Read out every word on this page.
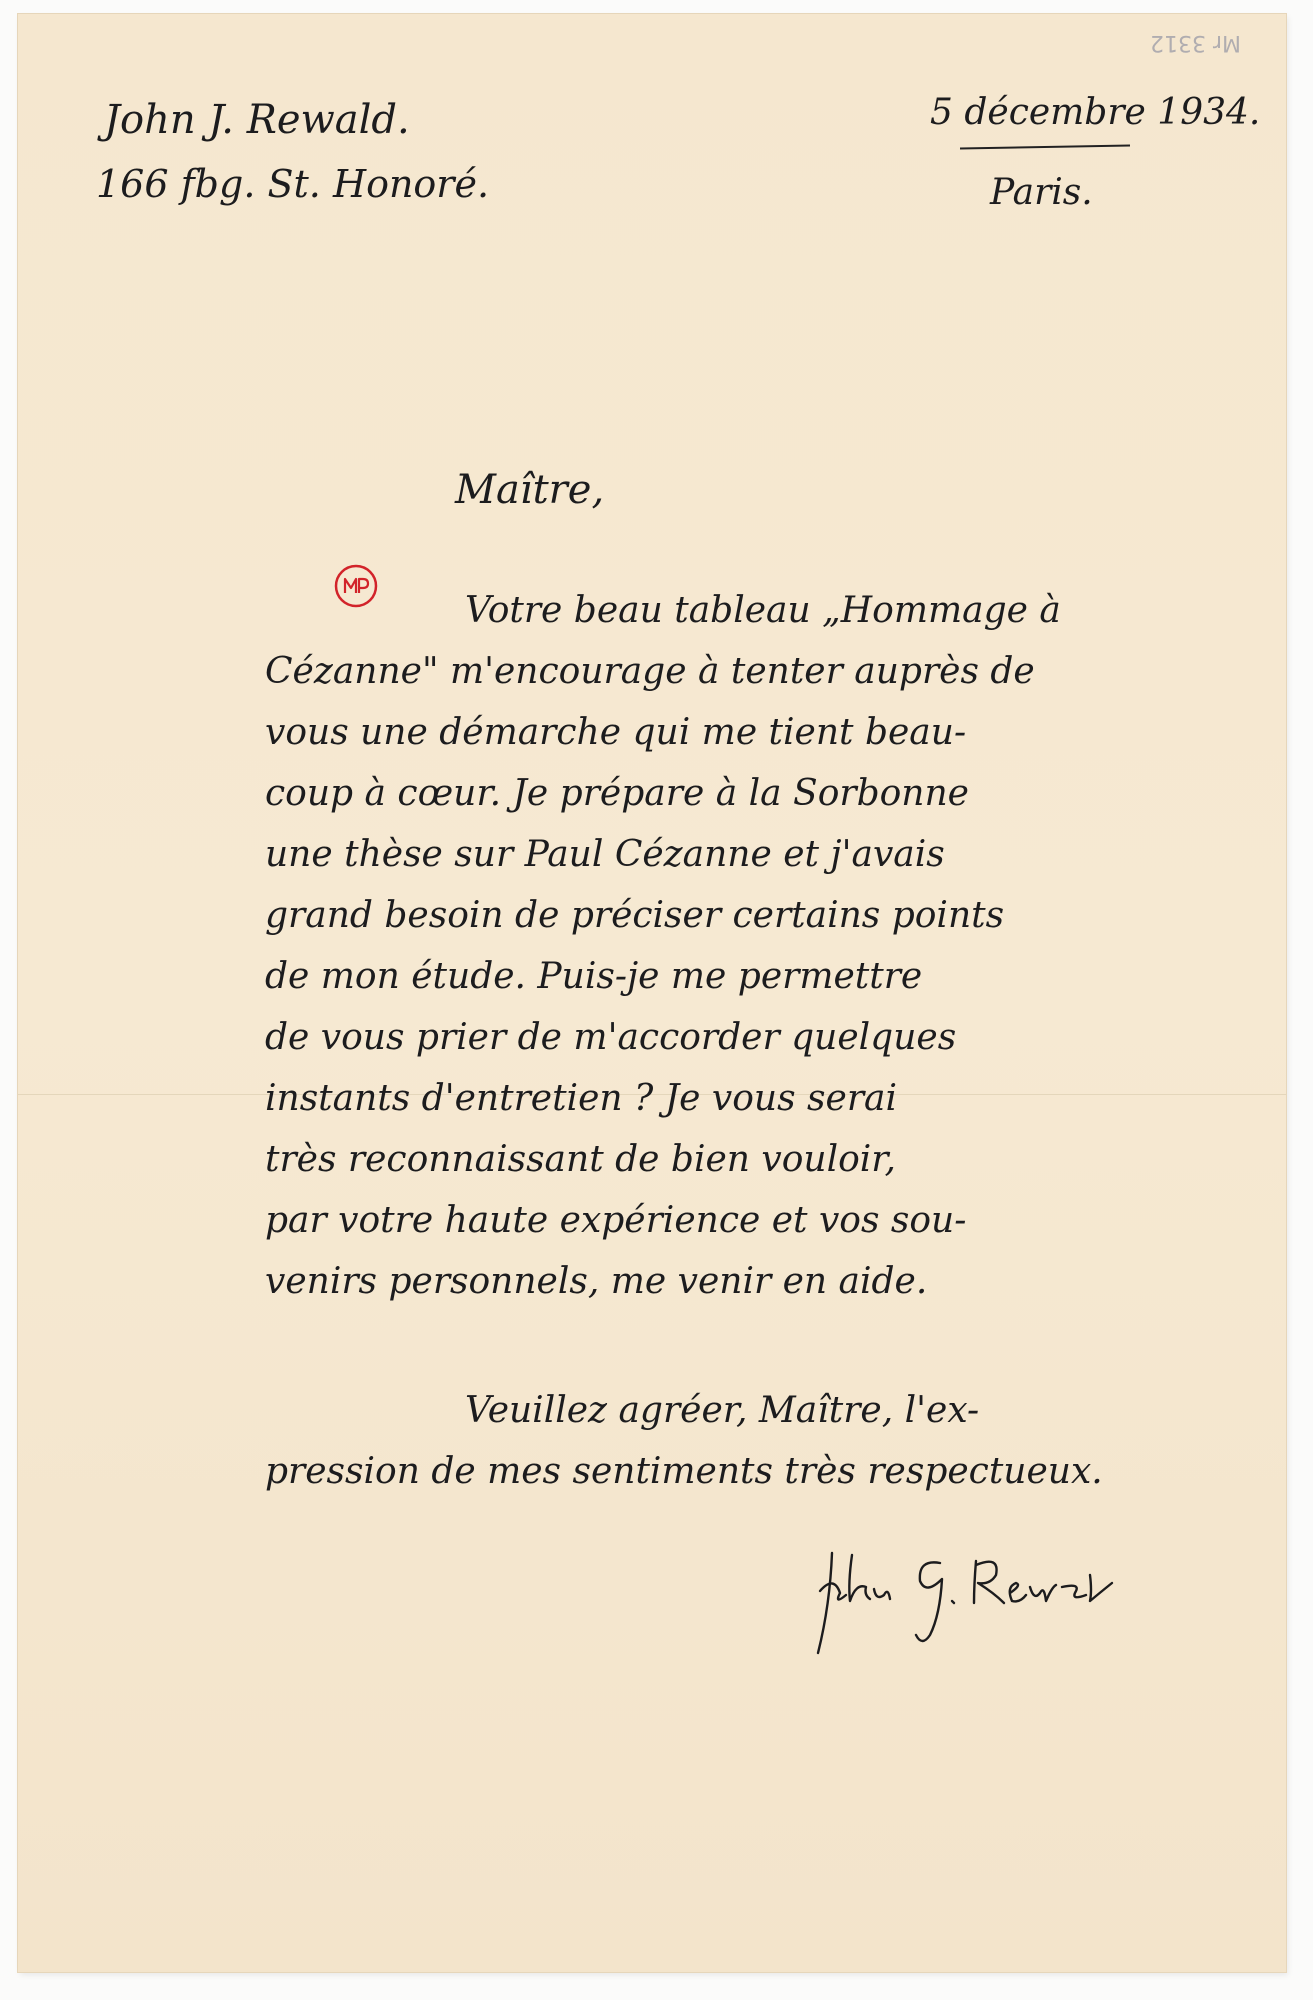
Mr 3312
John J. Rewald.
166 fbg. St. Honoré.
5 décembre 1934.
Paris.
Maître,
Votre beau tableau „Hommage à
Cézanne" m'encourage à tenter auprès de
vous une démarche qui me tient beau-
coup à cœur. Je prépare à la Sorbonne
une thèse sur Paul Cézanne et j'avais
grand besoin de préciser certains points
de mon étude. Puis-je me permettre
de vous prier de m'accorder quelques
instants d'entretien ? Je vous serai
très reconnaissant de bien vouloir,
par votre haute expérience et vos sou-
venirs personnels, me venir en aide.
Veuillez agréer, Maître, l'ex-
pression de mes sentiments très respectueux.
